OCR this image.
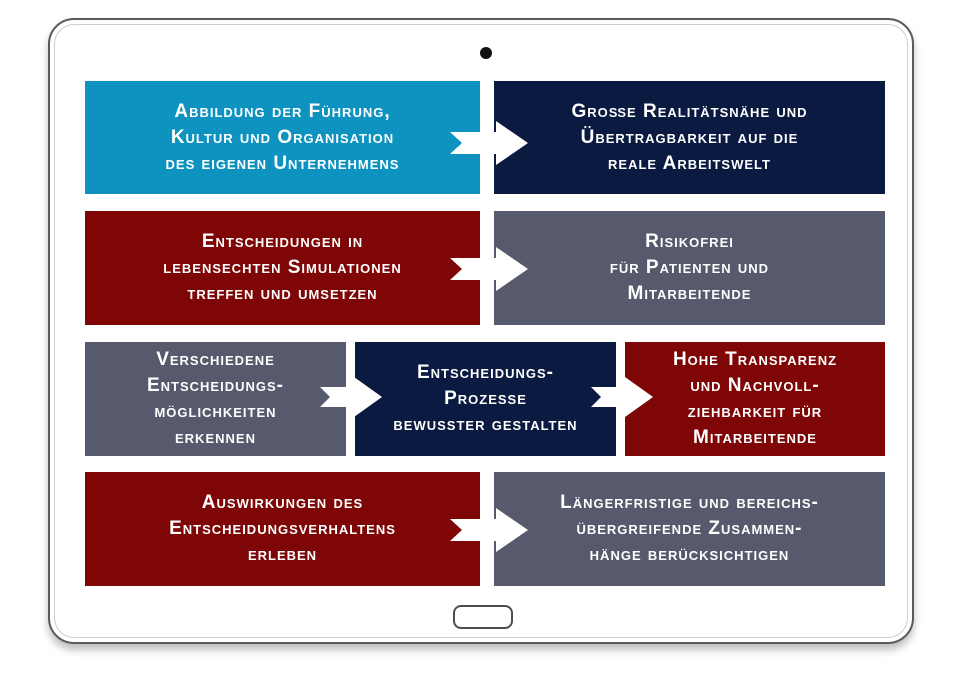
Abbildung der Führung,
Kultur und Organisation
des eigenen Unternehmens
Große Realitätsnähe und
Übertragbarkeit auf die
reale Arbeitswelt
Entscheidungen in
lebensechten Simulationen
treffen und umsetzen
Risikofrei
für Patienten und
Mitarbeitende
Verschiedene
Entscheidungs-
möglichkeiten
erkennen
Entscheidungs-
Prozesse
bewusster gestalten
Hohe Transparenz
und Nachvoll-
ziehbarkeit für
Mitarbeitende
Auswirkungen des
Entscheidungsverhaltens
erleben
Längerfristige und bereichs-
übergreifende Zusammen-
hänge berücksichtigen
